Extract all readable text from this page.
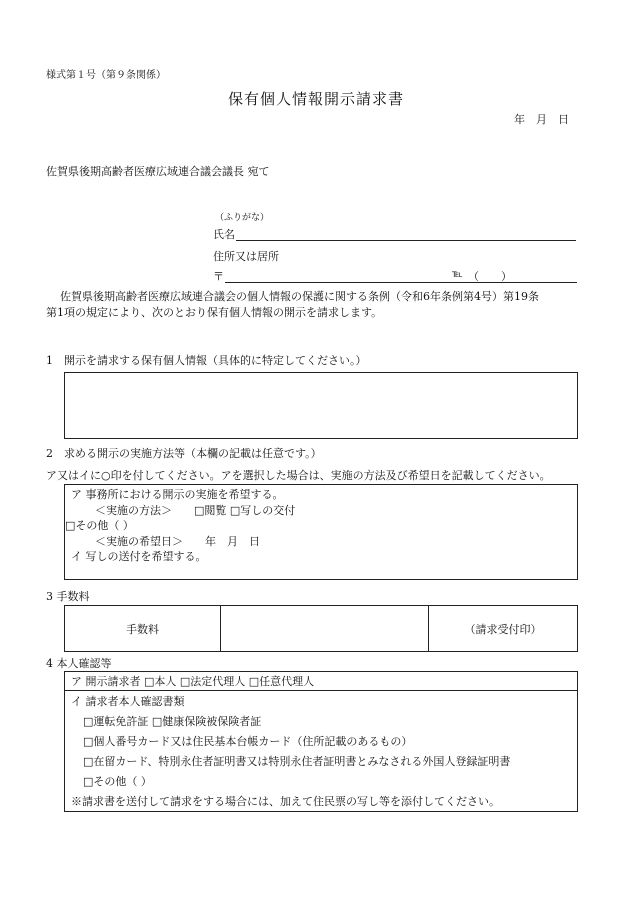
様式第１号（第９条関係）
保有個人情報開示請求書
年　月　日
佐賀県後期高齢者医療広域連合議会議長 宛て
（ふりがな）
氏名
住所又は居所
〒	℡ （　　）
佐賀県後期高齢者医療広域連合議会の個人情報の保護に関する条例（令和6年条例第4号）第19条
第1項の規定により、次のとおり保有個人情報の開示を請求します。
1　開示を請求する保有個人情報（具体的に特定してください。）
2　求める開示の実施方法等（本欄の記載は任意です。）
ア又はイに○印を付してください。アを選択した場合は、実施の方法及び希望日を記載してください。
ア 事務所における開示の実施を希望する。
＜実施の方法＞　　□閲覧 □写しの交付
□その他（ ）
＜実施の希望日＞　　年　月　日
イ 写しの送付を希望する。
3 手数料
手数料	（請求受付印）
4 本人確認等
ア 開示請求者 □本人 □法定代理人 □任意代理人
イ 請求者本人確認書類
□運転免許証 □健康保険被保険者証
□個人番号カード又は住民基本台帳カード（住所記載のあるもの）
□在留カード、特別永住者証明書又は特別永住者証明書とみなされる外国人登録証明書
□その他（ ）
※請求書を送付して請求をする場合には、加えて住民票の写し等を添付してください。
